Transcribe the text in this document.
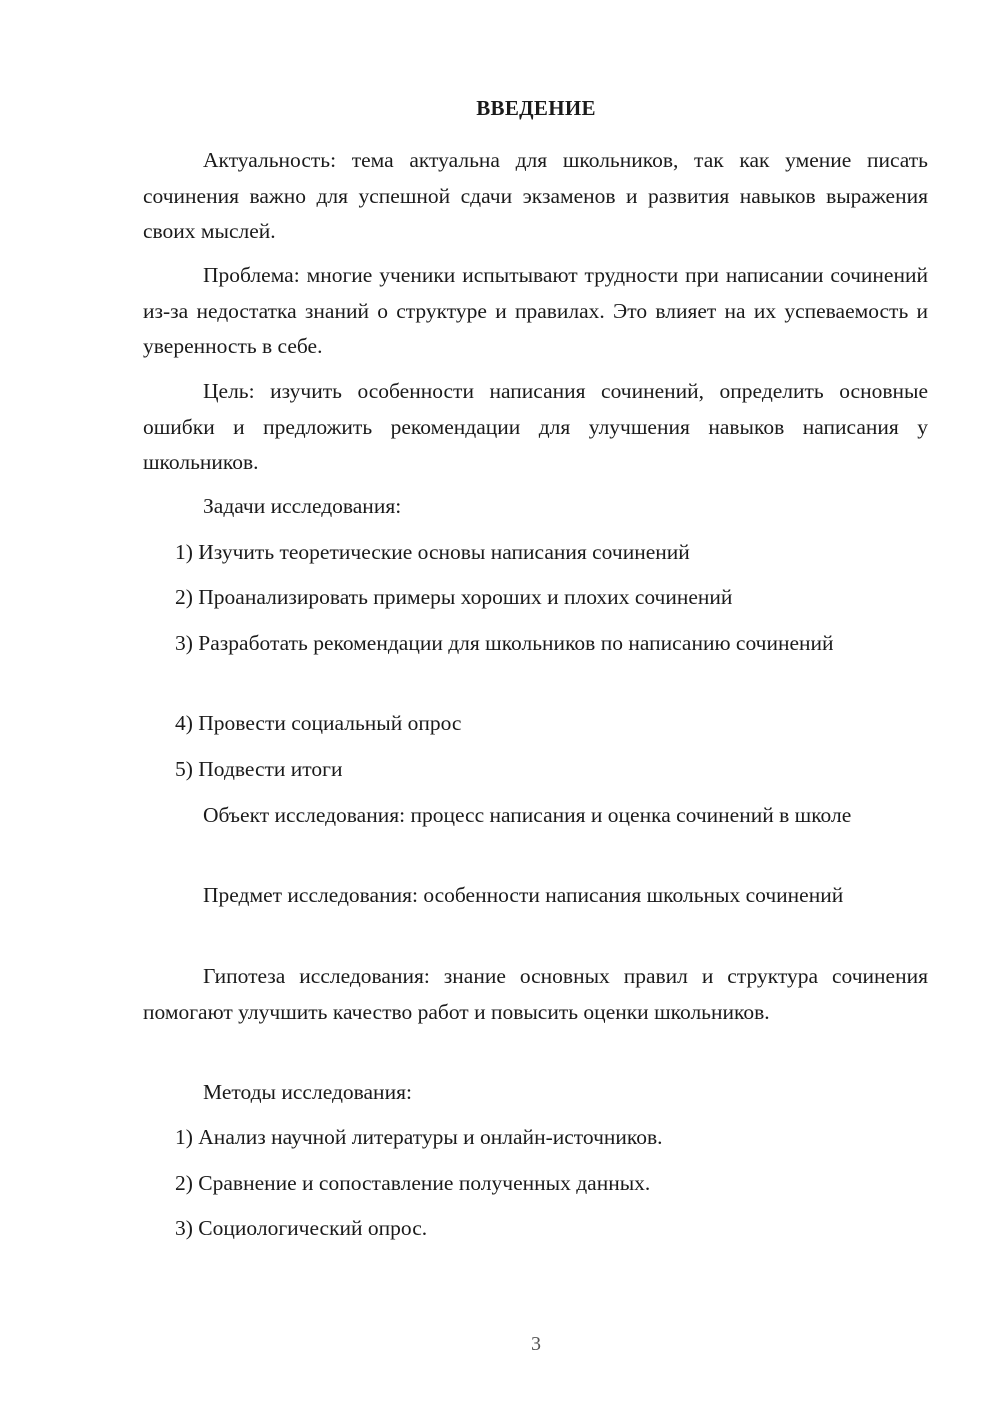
ВВЕДЕНИЕ

Актуальность: тема актуальна для школьников, так как умение писать сочинения важно для успешной сдачи экзаменов и развития навыков выражения своих мыслей.

Проблема: многие ученики испытывают трудности при написании сочинений из-за недостатка знаний о структуре и правилах. Это влияет на их успеваемость и уверенность в себе.

Цель: изучить особенности написания сочинений, определить основные ошибки и предложить рекомендации для улучшения навыков написания у школьников.

Задачи исследования:

1) Изучить теоретические основы написания сочинений

2) Проанализировать примеры хороших и плохих сочинений

3) Разработать рекомендации для школьников по написанию сочинений

4) Провести социальный опрос

5) Подвести итоги

Объект исследования: процесс написания и оценка сочинений в школе

Предмет исследования: особенности написания школьных сочинений

Гипотеза исследования: знание основных правил и структура сочинения помогают улучшить качество работ и повысить оценки школьников.

Методы исследования:

1) Анализ научной литературы и онлайн-источников.

2) Сравнение и сопоставление полученных данных.

3) Социологический опрос.

3
